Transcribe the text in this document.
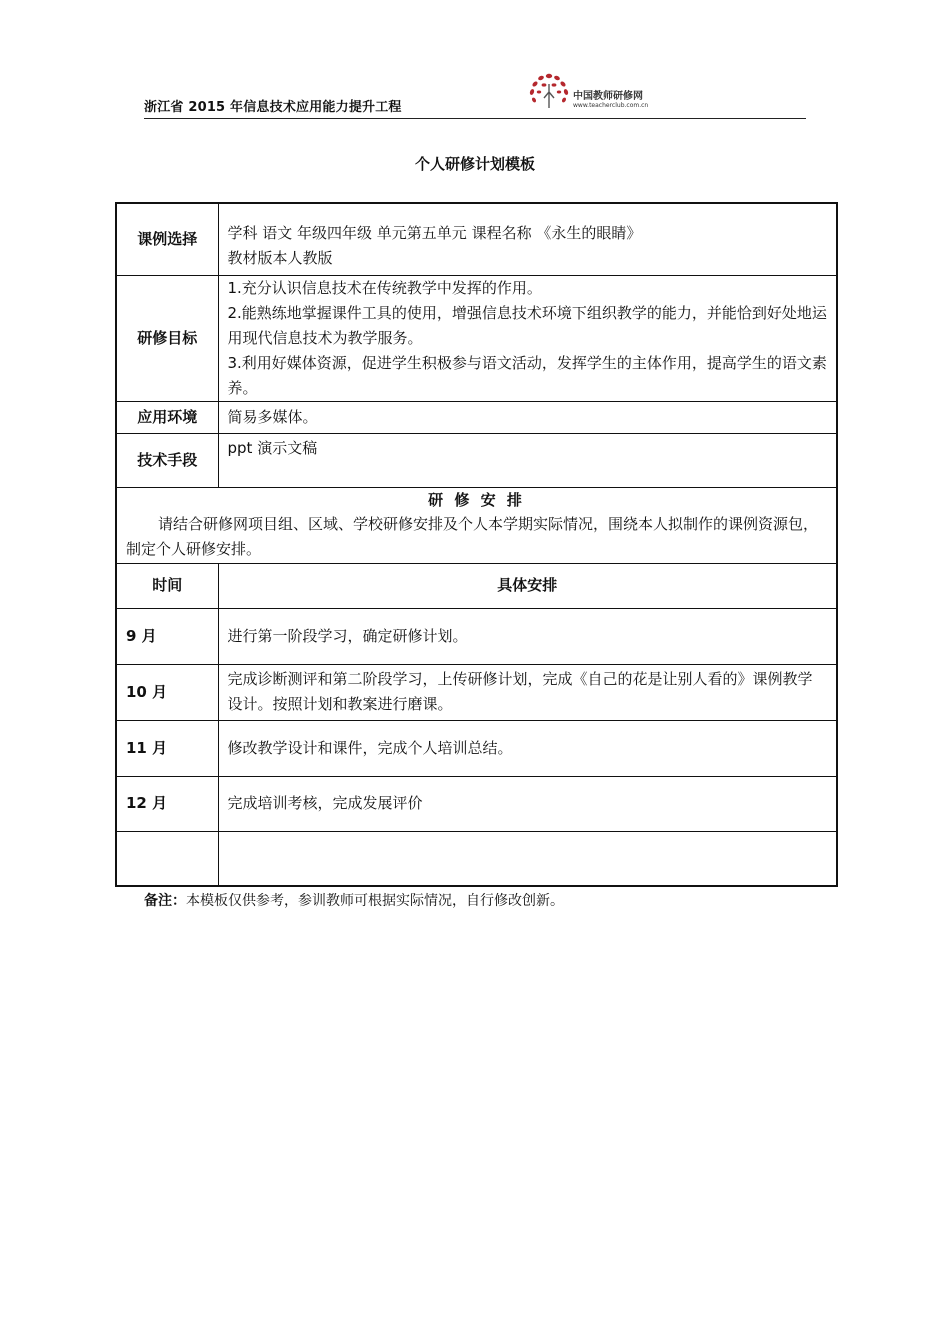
浙江省 2015 年信息技术应用能力提升工程
中国教师研修网
www.teacherclub.com.cn
个人研修计划模板
课例选择	学科 语文 年级四年级 单元第五单元 课程名称 《永生的眼睛》
教材版本人教版

研修目标	1.充分认识信息技术在传统教学中发挥的作用。
2.能熟练地掌握课件工具的使用，增强信息技术环境下组织教学的能力，并能恰到好处地运用现代信息技术为教学服务。
3.利用好媒体资源，促进学生积极参与语文活动，发挥学生的主体作用，提高学生的语文素养。

应用环境	简易多媒体。
技术手段	ppt 演示文稿

研 修 安 排
请结合研修网项目组、区域、学校研修安排及个人本学期实际情况，围绕本人拟制作的课例资源包，制定个人研修安排。	

时间	具体安排
9 月	进行第一阶段学习，确定研修计划。
10 月	完成诊断测评和第二阶段学习，上传研修计划，完成《自己的花是让别人看的》课例教学设计。按照计划和教案进行磨课。
11 月	修改教学设计和课件，完成个人培训总结。
12 月	完成培训考核，完成发展评价

备注：本模板仅供参考，参训教师可根据实际情况，自行修改创新。
